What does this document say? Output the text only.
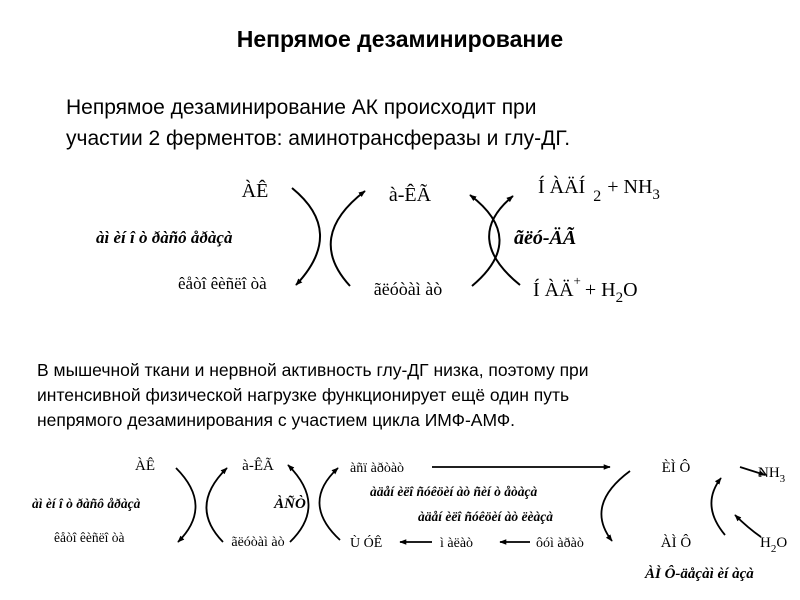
Непрямое дезаминирование
Непрямое дезаминирование АК происходит при
участии 2 ферментов: аминотрансферазы и глу-ДГ.
В мышечной ткани и нервной активность глу-ДГ низка, поэтому при
интенсивной физической нагрузке функционирует ещё один путь
непрямого дезаминирования с участием цикла ИМФ-АМФ.
ÀÊ
àì èí î ò ðàñô åðàçà
êåòî êèñëî òà
à-ÊÃ
ãëóòàì àò
Í ÀÄÍ $_2 + NH_3$
ãëó-ÄÃ
Í ÀÄ+ + $H_2O$
ÀÊ
àì èí î ò ðàñô åðàçà
êåòî êèñëî òà
à-ÊÃ
ÀÑÒ
ãëóòàì àò
àñï àðòàò
àäåí èëî ñóêöèí àò ñèí ò åòàçà
àäåí èëî ñóêöèí àò ëèàçà
Ù ÓÊ	ì àëàò	ôóì àðàò
ÈÌ Ô
ÀÌ Ô
$NH_3$
$H_2O$
ÀÌ Ô-äåçàì èí àçà
